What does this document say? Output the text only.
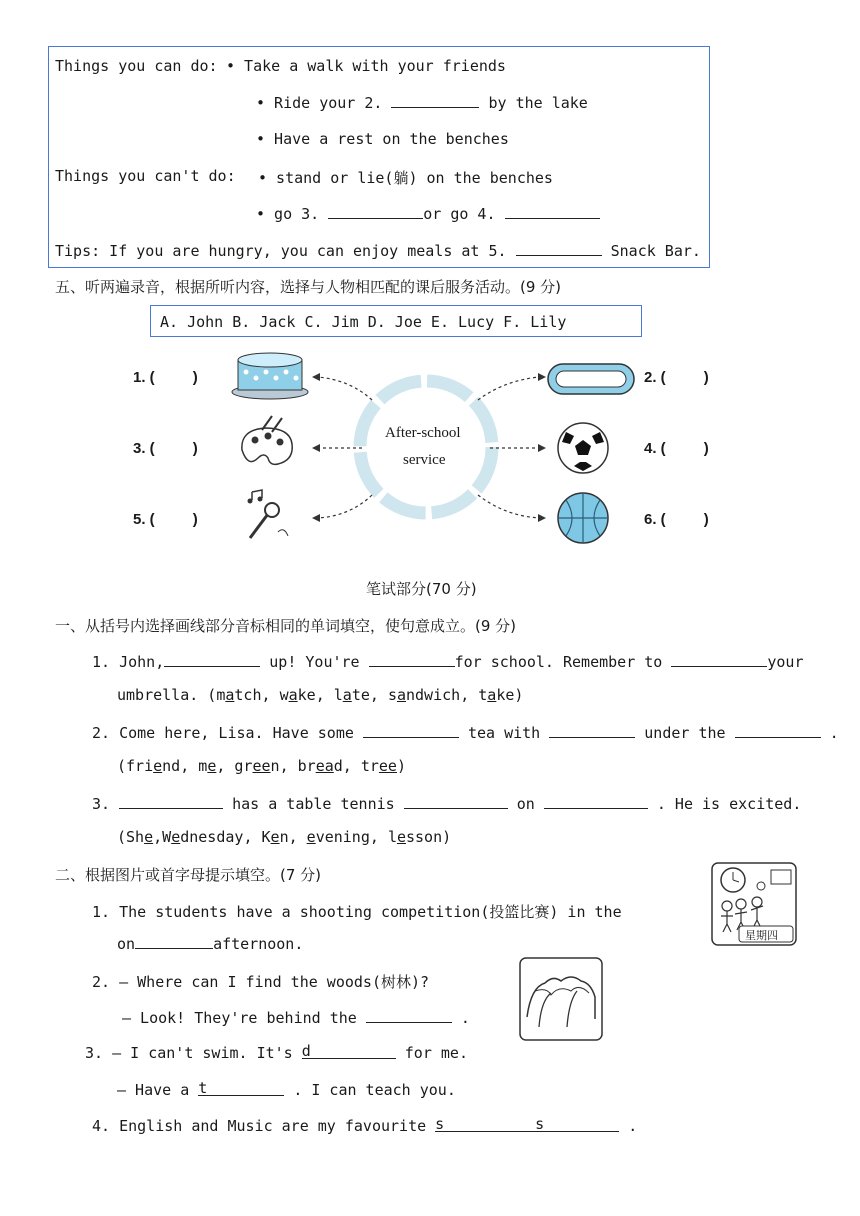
Things you can do: • Take a walk with your friends
• Ride your 2.	by the lake
• Have a rest on the benches
Things you can't do: • stand or lie(躺) on the benches
• go 3.	or go 4.
Tips: If you are hungry, you can enjoy meals at 5.	Snack Bar.
五、听两遍录音，根据所听内容，选择与人物相匹配的课后服务活动。(9 分)
A. John B. Jack C. Jim D. Joe E. Lucy F. Lily
After-school
service
1. (	)
3. (	)
5. (	)
2. (	)
4. (	)
6. (	)
笔试部分(70 分)
一、从括号内选择画线部分音标相同的单词填空，使句意成立。(9 分)
1. John,	up! You're	for school. Remember to	your
umbrella. (match, wake, late, sandwich, take)
2. Come here, Lisa. Have some	tea with	under the	.
(friend, me, green, bread, tree)
3.	has a table tennis	on	. He is excited.
(She,Wednesday, Ken, evening, lesson)
二、根据图片或首字母提示填空。(7 分)
1. The students have a shooting competition(投篮比赛) in the
on	afternoon.	星期四
2. — Where can I find the woods(树林)?
— Look! They're behind the	.
3. — I can't swim. It's d	for me.
— Have a t	. I can teach you.
4. English and Music are my favourite s	s	.
